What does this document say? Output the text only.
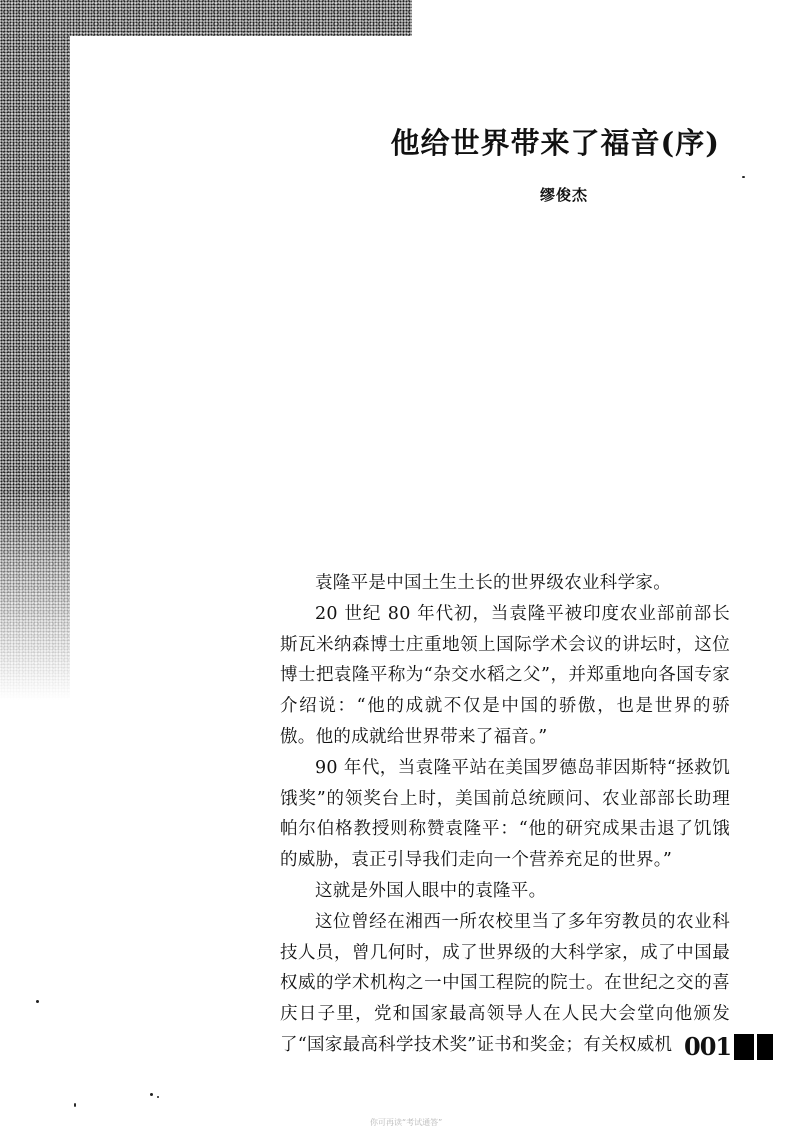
他给世界带来了福音(序)
缪俊杰

袁隆平是中国土生土长的世界级农业科学家。

20 世纪 80 年代初，当袁隆平被印度农业部前部长斯瓦米纳森博士庄重地领上国际学术会议的讲坛时，这位博士把袁隆平称为“杂交水稻之父”，并郑重地向各国专家介绍说：“他的成就不仅是中国的骄傲，也是世界的骄傲。他的成就给世界带来了福音。”

90 年代，当袁隆平站在美国罗德岛菲因斯特“拯救饥饿奖”的领奖台上时，美国前总统顾问、农业部部长助理帕尔伯格教授则称赞袁隆平：“他的研究成果击退了饥饿的威胁，袁正引导我们走向一个营养充足的世界。”

这就是外国人眼中的袁隆平。

这位曾经在湘西一所农校里当了多年穷教员的农业科技人员，曾几何时，成了世界级的大科学家，成了中国最权威的学术机构之一中国工程院的院士。在世纪之交的喜庆日子里，党和国家最高领导人在人民大会堂向他颁发了“国家最高科学技术奖”证书和奖金；有关权威机 001
你可再读“考试通答”
